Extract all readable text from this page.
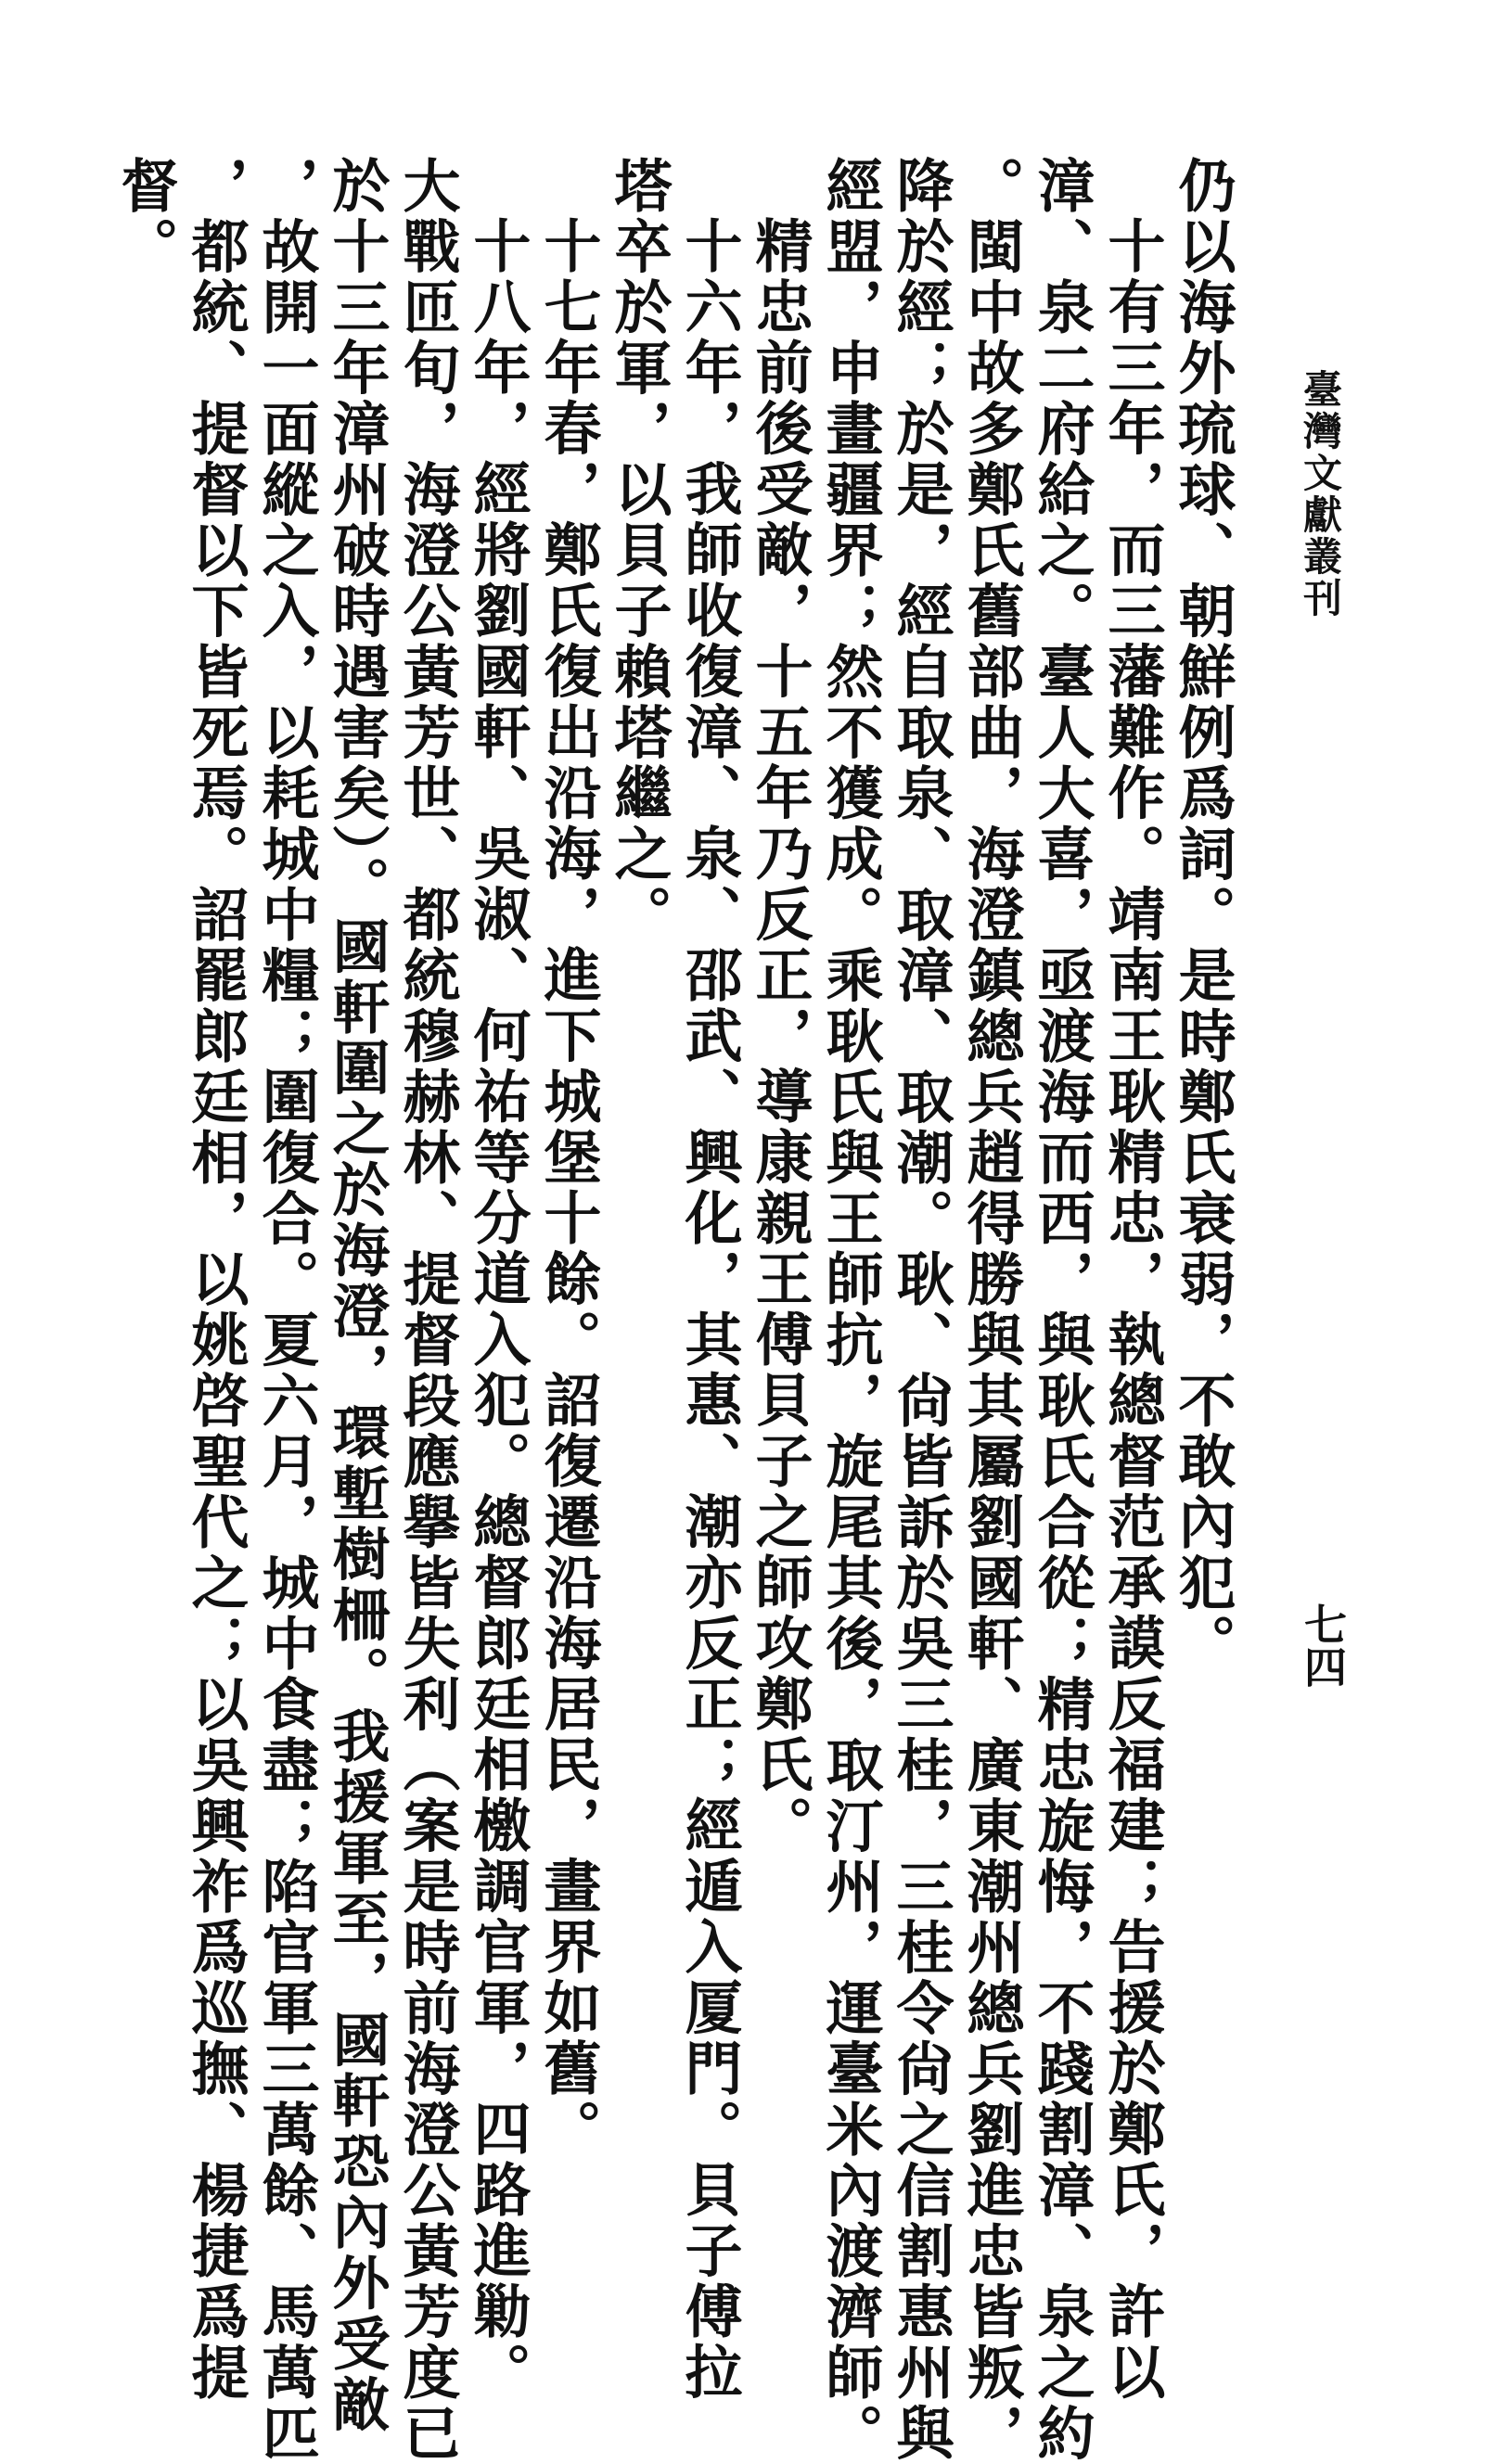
臺灣文獻叢刊
七四
仍以海外琉球、朝鮮例爲詞。是時鄭氏衰弱，不敢內犯。
十有三年，而三藩難作。靖南王耿精忠，執總督范承謨反福建；告援於鄭氏，許以
漳、泉二府給之。臺人大喜，亟渡海而西，與耿氏合從；精忠旋悔，不踐割漳、泉之約
。閩中故多鄭氏舊部曲，海澄鎮總兵趙得勝與其屬劉國軒、廣東潮州總兵劉進忠皆叛，
降於經；於是，經自取泉、取漳、取潮。耿、尙皆訴於吳三桂，三桂令尙之信割惠州與
經盟，申畫疆界；然不獲成。乘耿氏與王師抗，旋尾其後，取汀州，運臺米內渡濟師。
精忠前後受敵，十五年乃反正，導康親王傅貝子之師攻鄭氏。
十六年，我師收復漳、泉、邵武、興化，其惠、潮亦反正；經遁入厦門。貝子傅拉
塔卒於軍，以貝子賴塔繼之。
十七年春，鄭氏復出沿海，進下城堡十餘。詔復遷沿海居民，畫界如舊。
十八年，經將劉國軒、吳淑、何祐等分道入犯。總督郎廷相檄調官軍，四路進勦。
大戰匝旬，海澄公黃芳世、都統穆赫林、提督段應擧皆失利（案是時前海澄公黃芳度已
於十三年漳州破時遇害矣）。國軒圍之於海澄，環塹樹柵。我援軍至，國軒恐內外受敵
，故開一面縱之入，以耗城中糧；圍復合。夏六月，城中食盡；陷官軍三萬餘、馬萬匹
，都統、提督以下皆死焉。詔罷郎廷相，以姚啓聖代之；以吳興祚爲巡撫、楊捷爲提
督。
